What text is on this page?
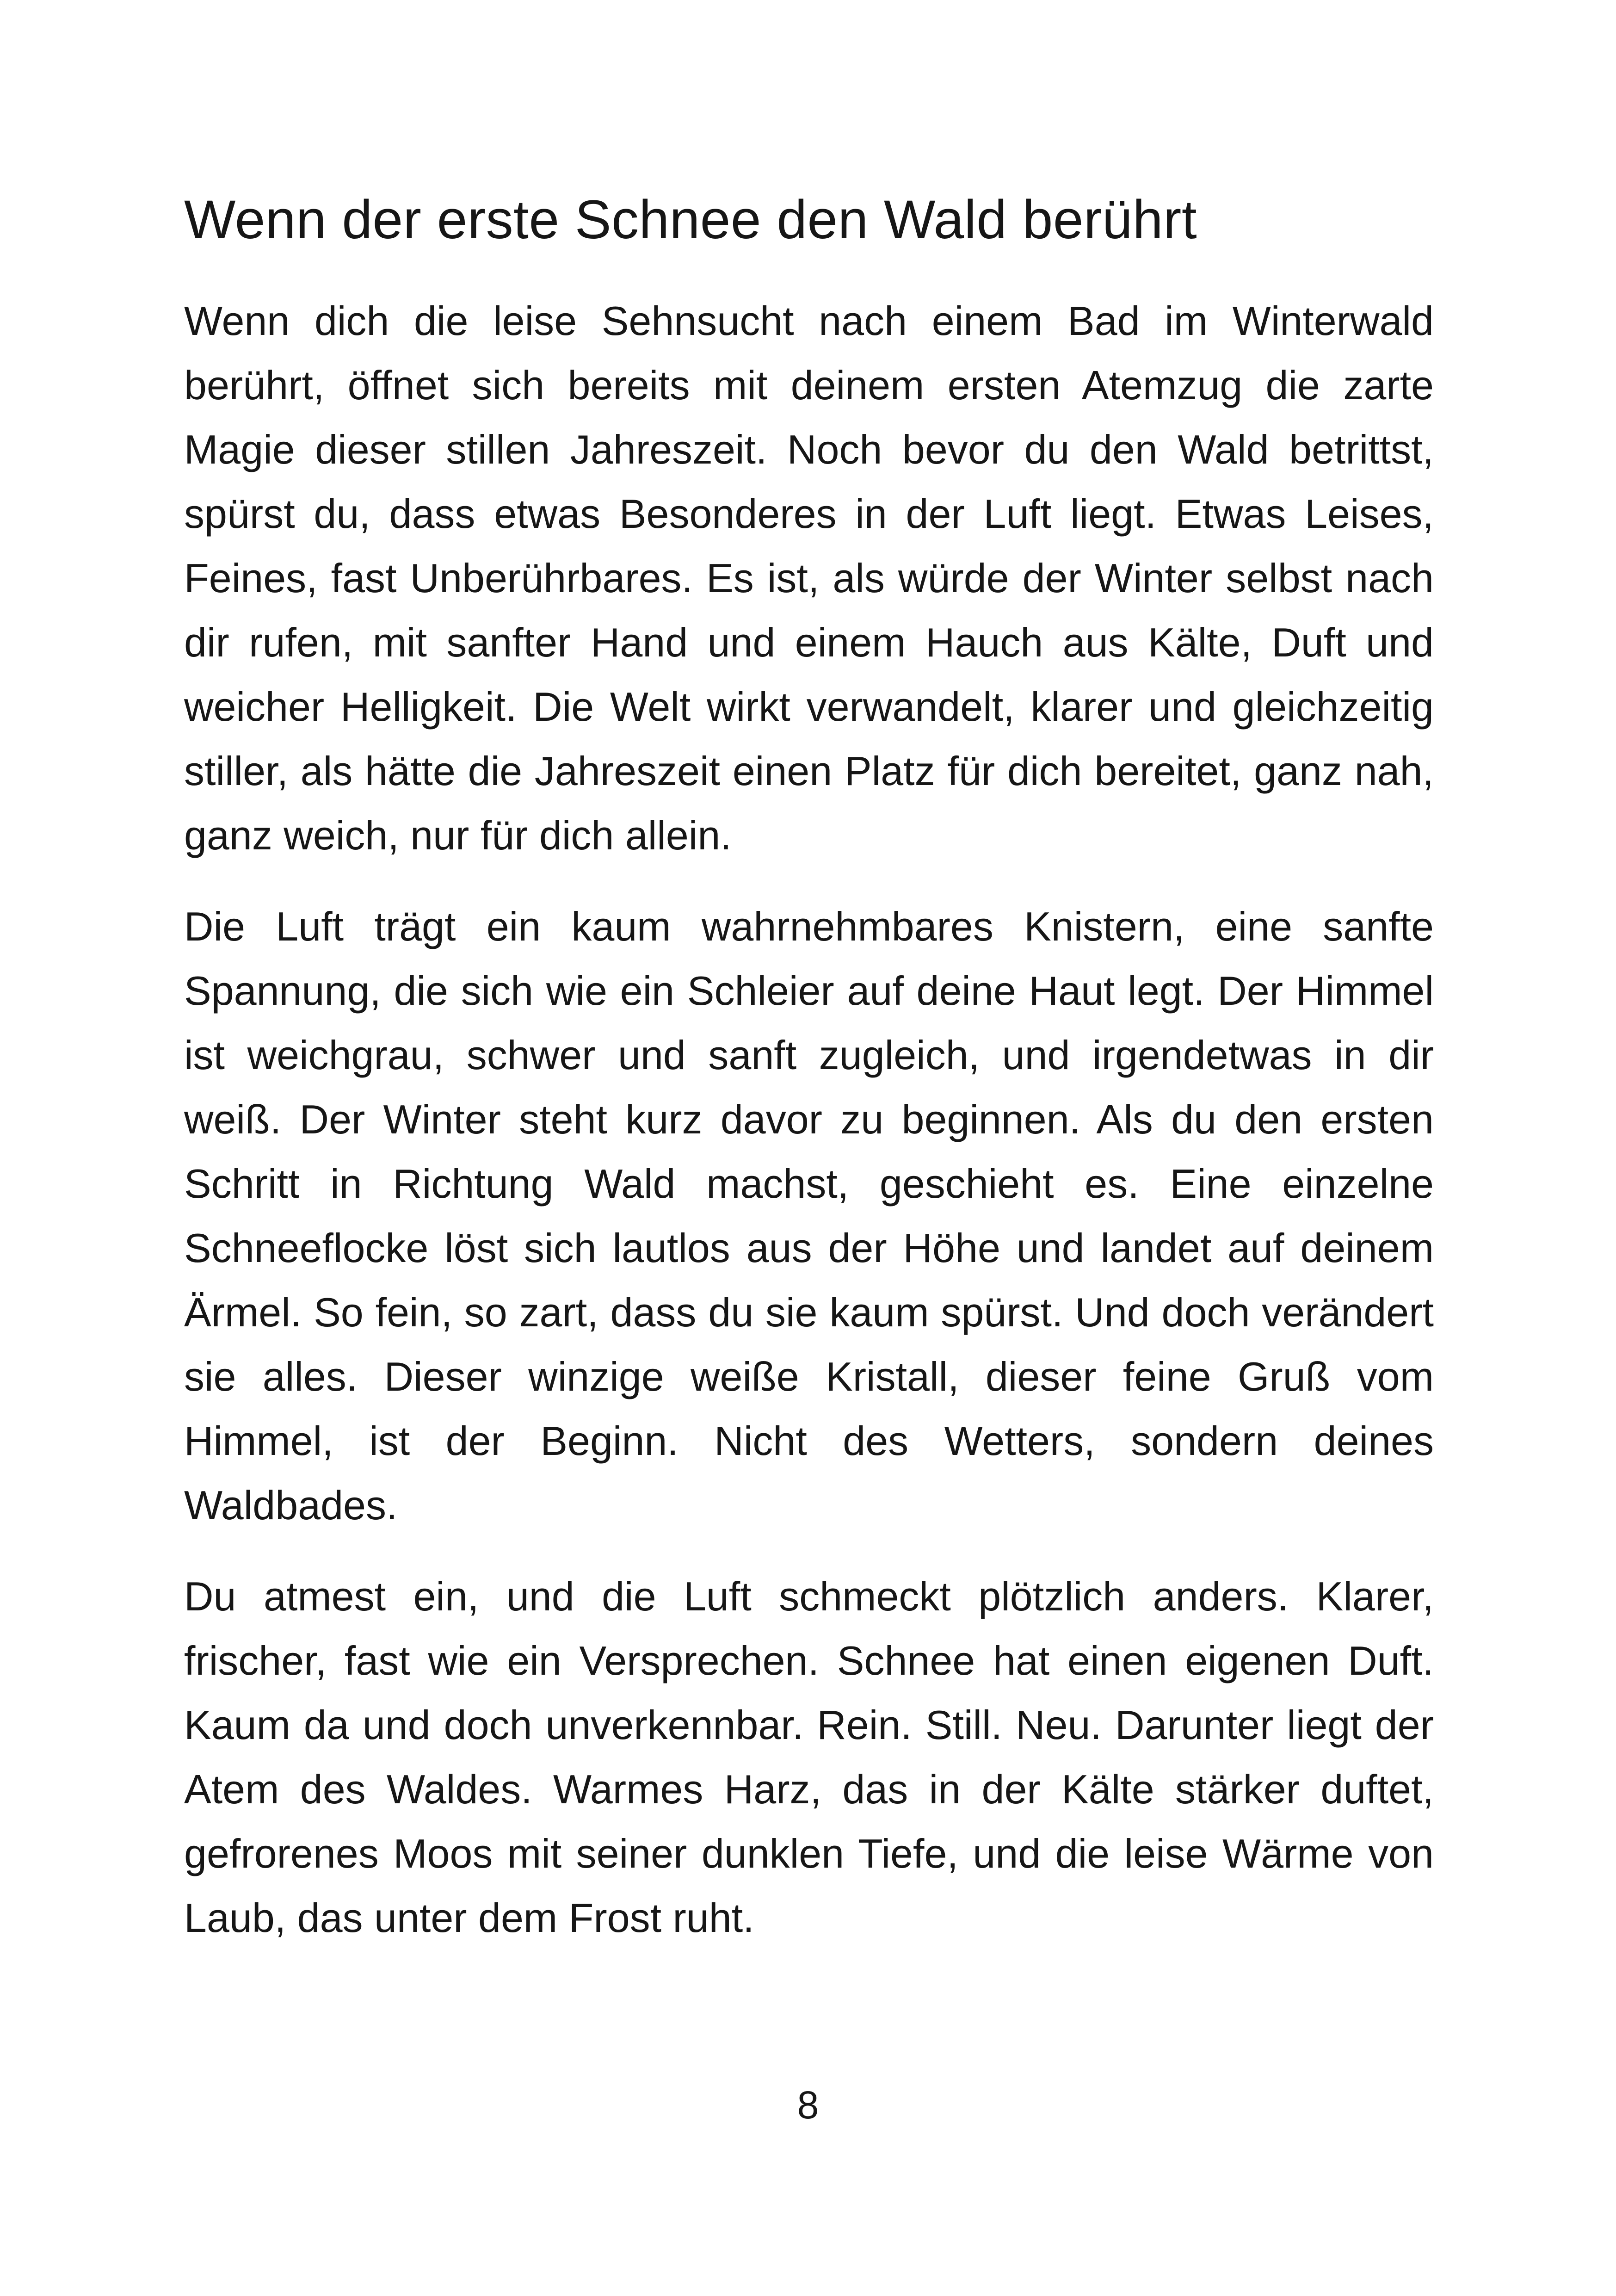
Wenn der erste Schnee den Wald berührt

Wenn dich die leise Sehnsucht nach einem Bad im Winterwald berührt, öffnet sich bereits mit deinem ersten Atemzug die zarte Magie dieser stillen Jahreszeit. Noch bevor du den Wald betrittst, spürst du, dass etwas Besonderes in der Luft liegt. Etwas Leises, Feines, fast Unberührbares. Es ist, als würde der Winter selbst nach dir rufen, mit sanfter Hand und einem Hauch aus Kälte, Duft und weicher Helligkeit. Die Welt wirkt verwandelt, klarer und gleichzeitig stiller, als hätte die Jahreszeit einen Platz für dich bereitet, ganz nah, ganz weich, nur für dich allein.

Die Luft trägt ein kaum wahrnehmbares Knistern, eine sanfte Spannung, die sich wie ein Schleier auf deine Haut legt. Der Himmel ist weichgrau, schwer und sanft zugleich, und irgendetwas in dir weiß. Der Winter steht kurz davor zu beginnen. Als du den ersten Schritt in Richtung Wald machst, geschieht es. Eine einzelne Schneeflocke löst sich lautlos aus der Höhe und landet auf deinem Ärmel. So fein, so zart, dass du sie kaum spürst. Und doch verändert sie alles. Dieser winzige weiße Kristall, dieser feine Gruß vom Himmel, ist der Beginn. Nicht des Wetters, sondern deines Waldbades.

Du atmest ein, und die Luft schmeckt plötzlich anders. Klarer, frischer, fast wie ein Versprechen. Schnee hat einen eigenen Duft. Kaum da und doch unverkennbar. Rein. Still. Neu. Darunter liegt der Atem des Waldes. Warmes Harz, das in der Kälte stärker duftet, gefrorenes Moos mit seiner dunklen Tiefe, und die leise Wärme von Laub, das unter dem Frost ruht.

8
